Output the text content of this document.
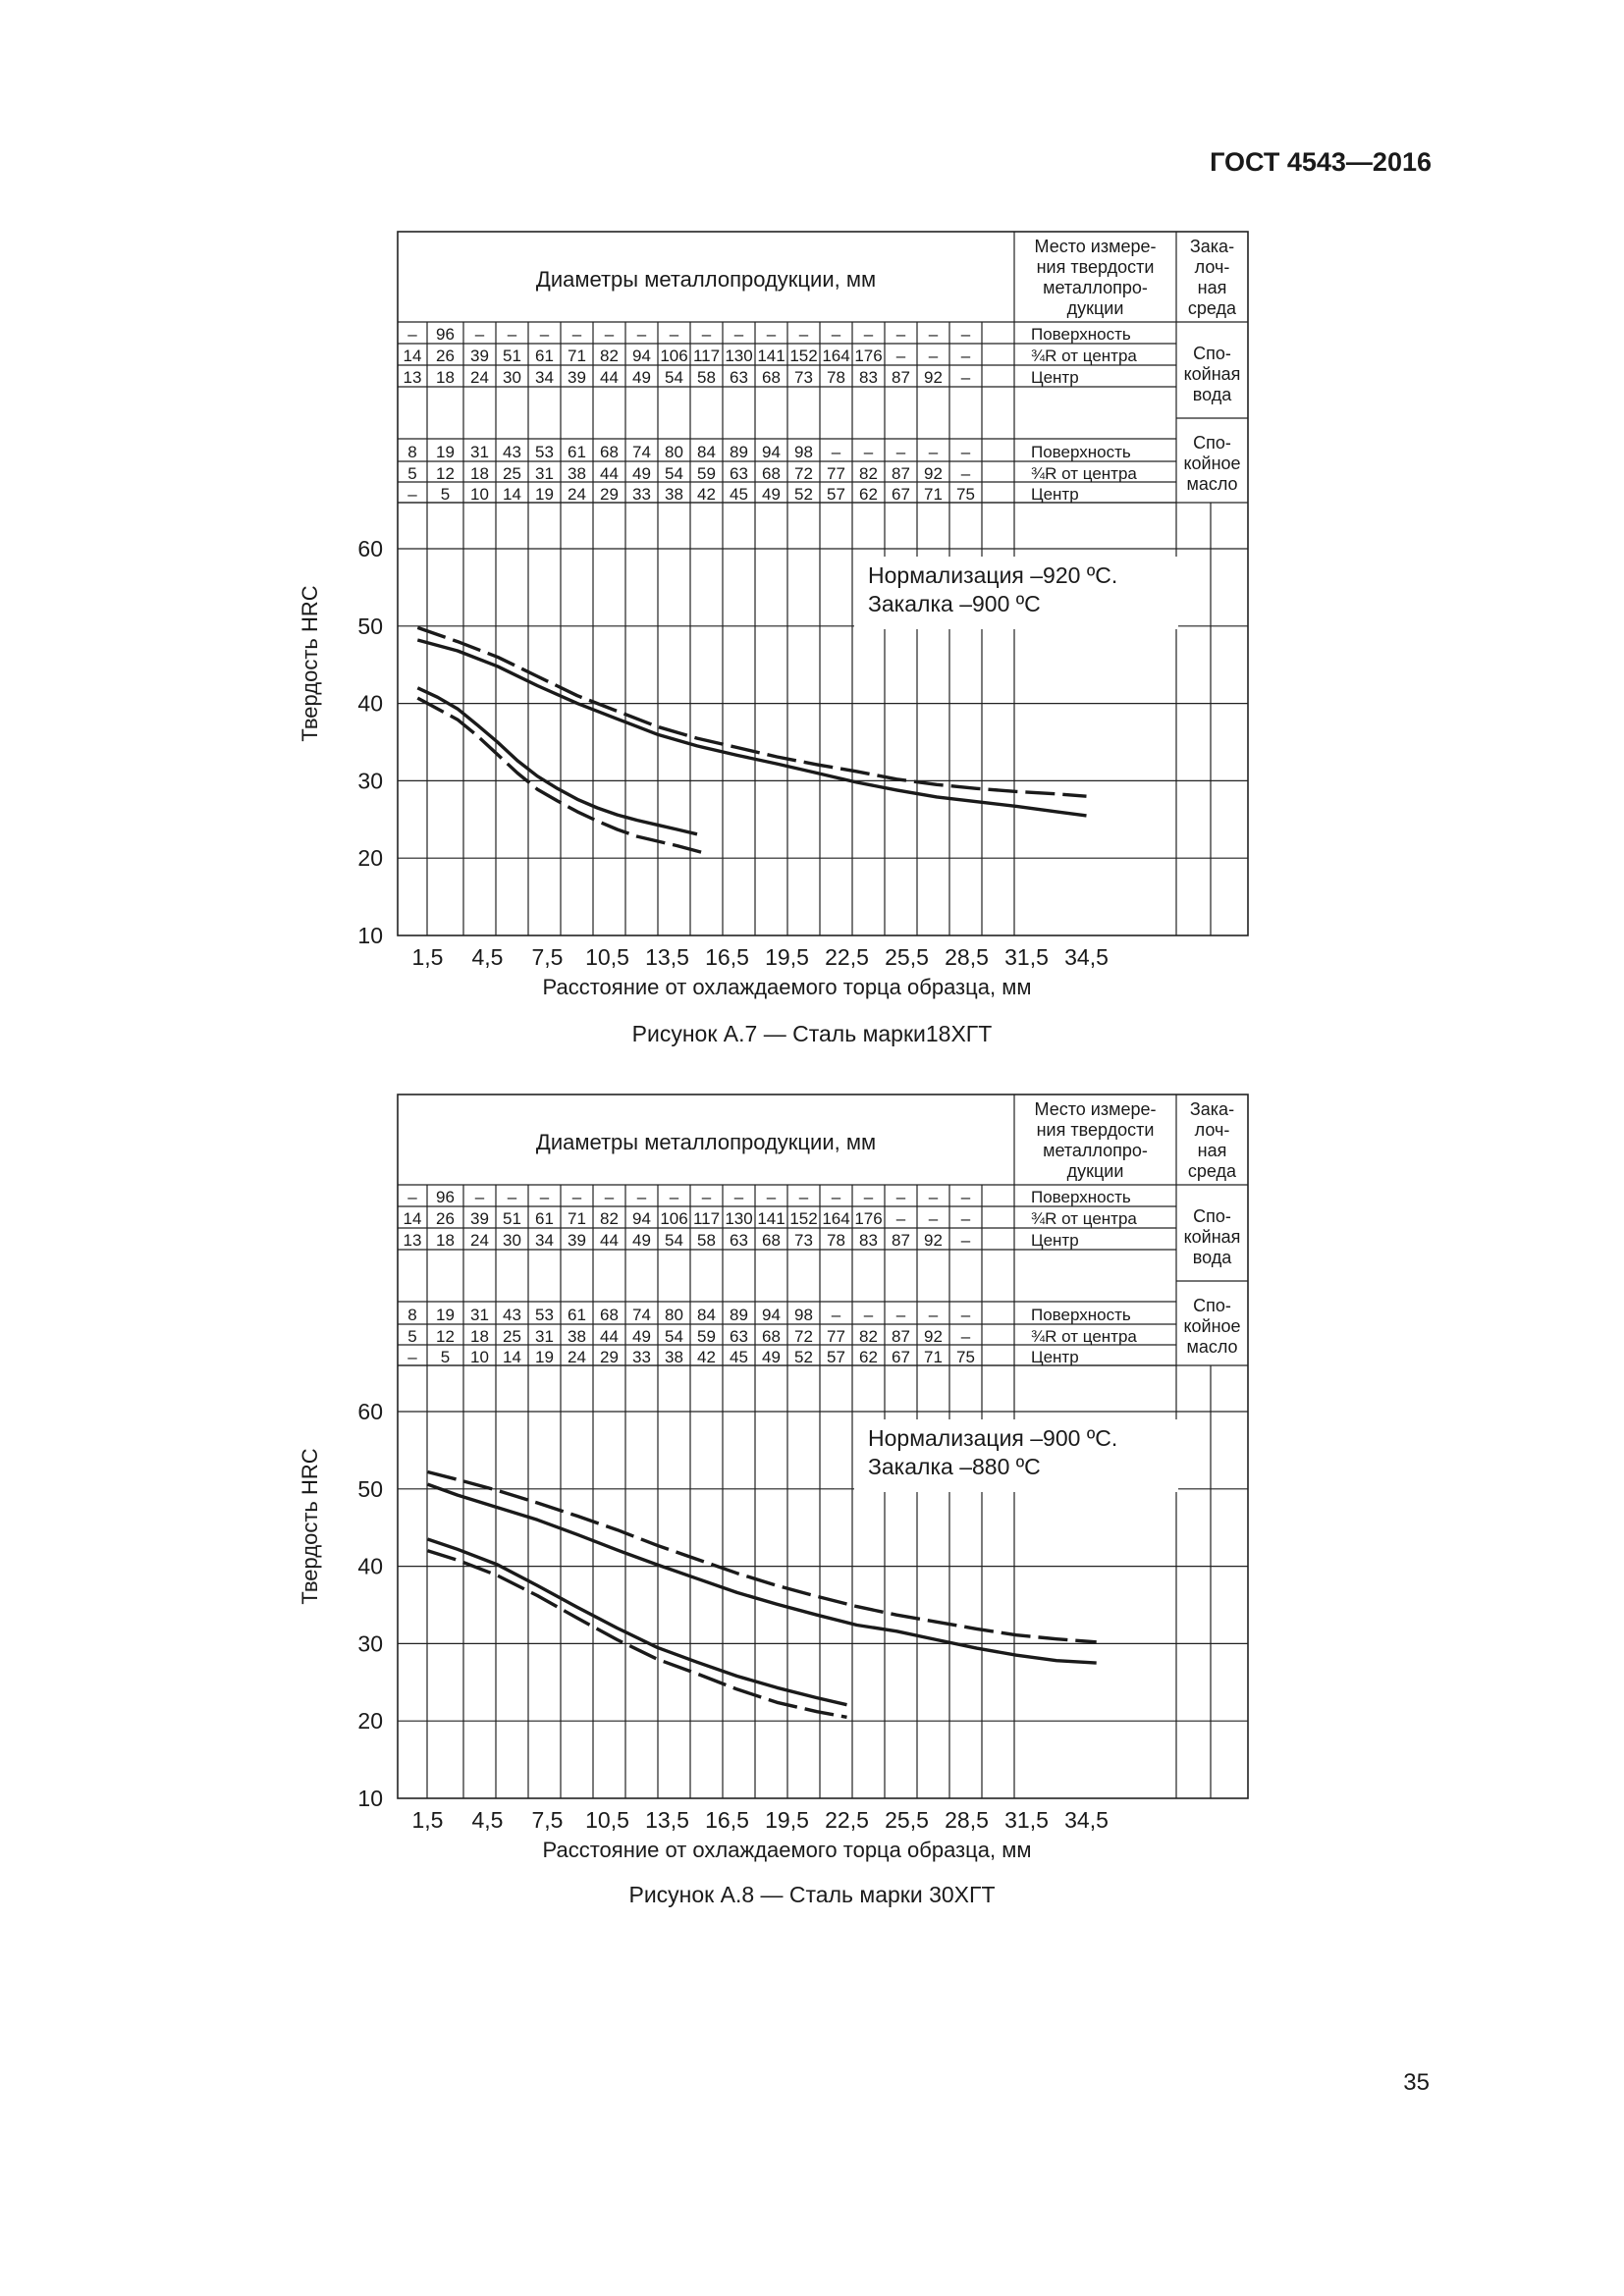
ГОСТ 4543—2016
Диаметры металлопродукции, мм
Место измере-
ния твердости
металлопро-
дукции
Зака-
лоч-
ная
среда
– 96 – – – – – – – – – – – – – – – –	Поверхность
14 26 39 51 61 71 82 94 106 117 130 141 152 164 176 – – –	¾R от центра
13 18 24 30 34 39 44 49 54 58 63 68 73 78 83 87 92 –	Центр
Спо-
койная
вода
8 19 31 43 53 61 68 74 80 84 89 94 98 – – – – –	Поверхность
5 12 18 25 31 38 44 49 54 59 63 68 72 77 82 87 92 –	¾R от центра
– 5 10 14 19 24 29 33 38 42 45 49 52 57 62 67 71 75	Центр
Спо-
койное
масло
10
20
30
40
50
60
1,5 4,5 7,5 10,5 13,5 16,5 19,5 22,5 25,5 28,5 31,5 34,5
Расстояние от охлаждаемого торца образца, мм
Твердость HRC
Нормализация –920 ºС.
Закалка –900 ºС
Рисунок А.7 — Сталь марки18ХГТ
Диаметры металлопродукции, мм
Место измере-
ния твердости
металлопро-
дукции
Зака-
лоч-
ная
среда
– 96 – – – – – – – – – – – – – – – –	Поверхность
14 26 39 51 61 71 82 94 106 117 130 141 152 164 176 – – –	¾R от центра
13 18 24 30 34 39 44 49 54 58 63 68 73 78 83 87 92 –	Центр
Спо-
койная
вода
8 19 31 43 53 61 68 74 80 84 89 94 98 – – – – –	Поверхность
5 12 18 25 31 38 44 49 54 59 63 68 72 77 82 87 92 –	¾R от центра
– 5 10 14 19 24 29 33 38 42 45 49 52 57 62 67 71 75	Центр
Спо-
койное
масло
10
20
30
40
50
60
1,5 4,5 7,5 10,5 13,5 16,5 19,5 22,5 25,5 28,5 31,5 34,5
Расстояние от охлаждаемого торца образца, мм
Твердость HRC
Нормализация –900 ºС.
Закалка –880 ºС
Рисунок А.8 — Сталь марки 30ХГТ
35
